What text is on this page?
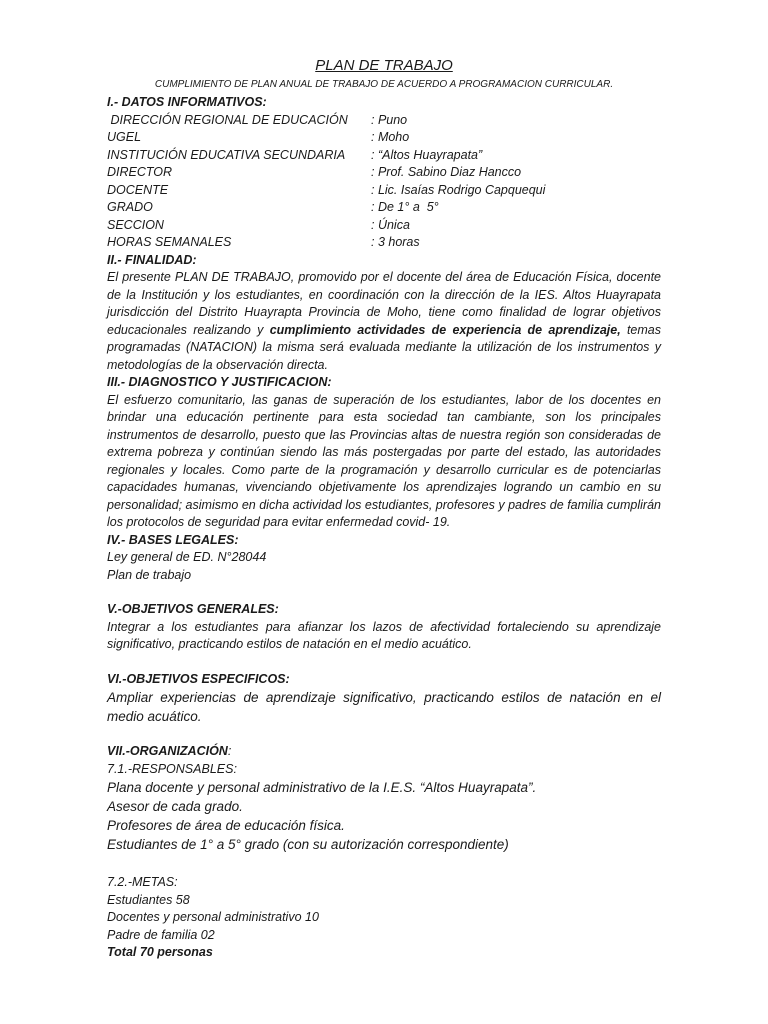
PLAN DE TRABAJO
CUMPLIMIENTO DE PLAN ANUAL DE TRABAJO DE ACUERDO A PROGRAMACION CURRICULAR.
I.- DATOS INFORMATIVOS:
DIRECCIÓN REGIONAL DE EDUCACIÓN	: Puno
UGEL	: Moho
INSTITUCIÓN EDUCATIVA SECUNDARIA	: “Altos Huayrapata”
DIRECTOR	: Prof. Sabino Diaz Hancco
DOCENTE	: Lic. Isaías Rodrigo Capquequi
GRADO	: De 1° a  5°
SECCION	: Única
HORAS SEMANALES	: 3 horas
II.- FINALIDAD:

El presente PLAN DE TRABAJO, promovido por el docente del área de Educación Física, docente de la Institución y los estudiantes, en coordinación con la dirección de la IES. Altos Huayrapata jurisdicción del Distrito Huayrapta Provincia de Moho, tiene como finalidad de lograr objetivos educacionales realizando y cumplimiento actividades de experiencia de aprendizaje, temas programadas (NATACION) la misma será evaluada mediante la utilización de los instrumentos y metodologías de la observación directa.

III.- DIAGNOSTICO Y JUSTIFICACION:

El esfuerzo comunitario, las ganas de superación de los estudiantes, labor de los docentes en brindar una educación pertinente para esta sociedad tan cambiante, son los principales instrumentos de desarrollo, puesto que las Provincias altas de nuestra región son consideradas de extrema pobreza y continúan siendo las más postergadas por parte del estado, las autoridades regionales y locales. Como parte de la programación y desarrollo curricular es de potenciarlas capacidades humanas, vivenciando objetivamente los aprendizajes logrando un cambio en su personalidad; asimismo en dicha actividad los estudiantes, profesores y padres de familia cumplirán los protocolos de seguridad para evitar enfermedad covid- 19.

IV.- BASES LEGALES:
Ley general de ED. N°28044
Plan de trabajo
V.-OBJETIVOS GENERALES:

Integrar a los estudiantes para afianzar los lazos de afectividad fortaleciendo su aprendizaje significativo, practicando estilos de natación en el medio acuático.

VI.-OBJETIVOS ESPECIFICOS:

Ampliar experiencias de aprendizaje significativo, practicando estilos de natación en el medio acuático.

VII.-ORGANIZACIÓN:
7.1.-RESPONSABLES:
Plana docente y personal administrativo de la I.E.S. “Altos Huayrapata”.
Asesor de cada grado.
Profesores de área de educación física.
Estudiantes de 1° a 5° grado (con su autorización correspondiente)
7.2.-METAS:
Estudiantes 58
Docentes y personal administrativo 10
Padre de familia 02
Total 70 personas
